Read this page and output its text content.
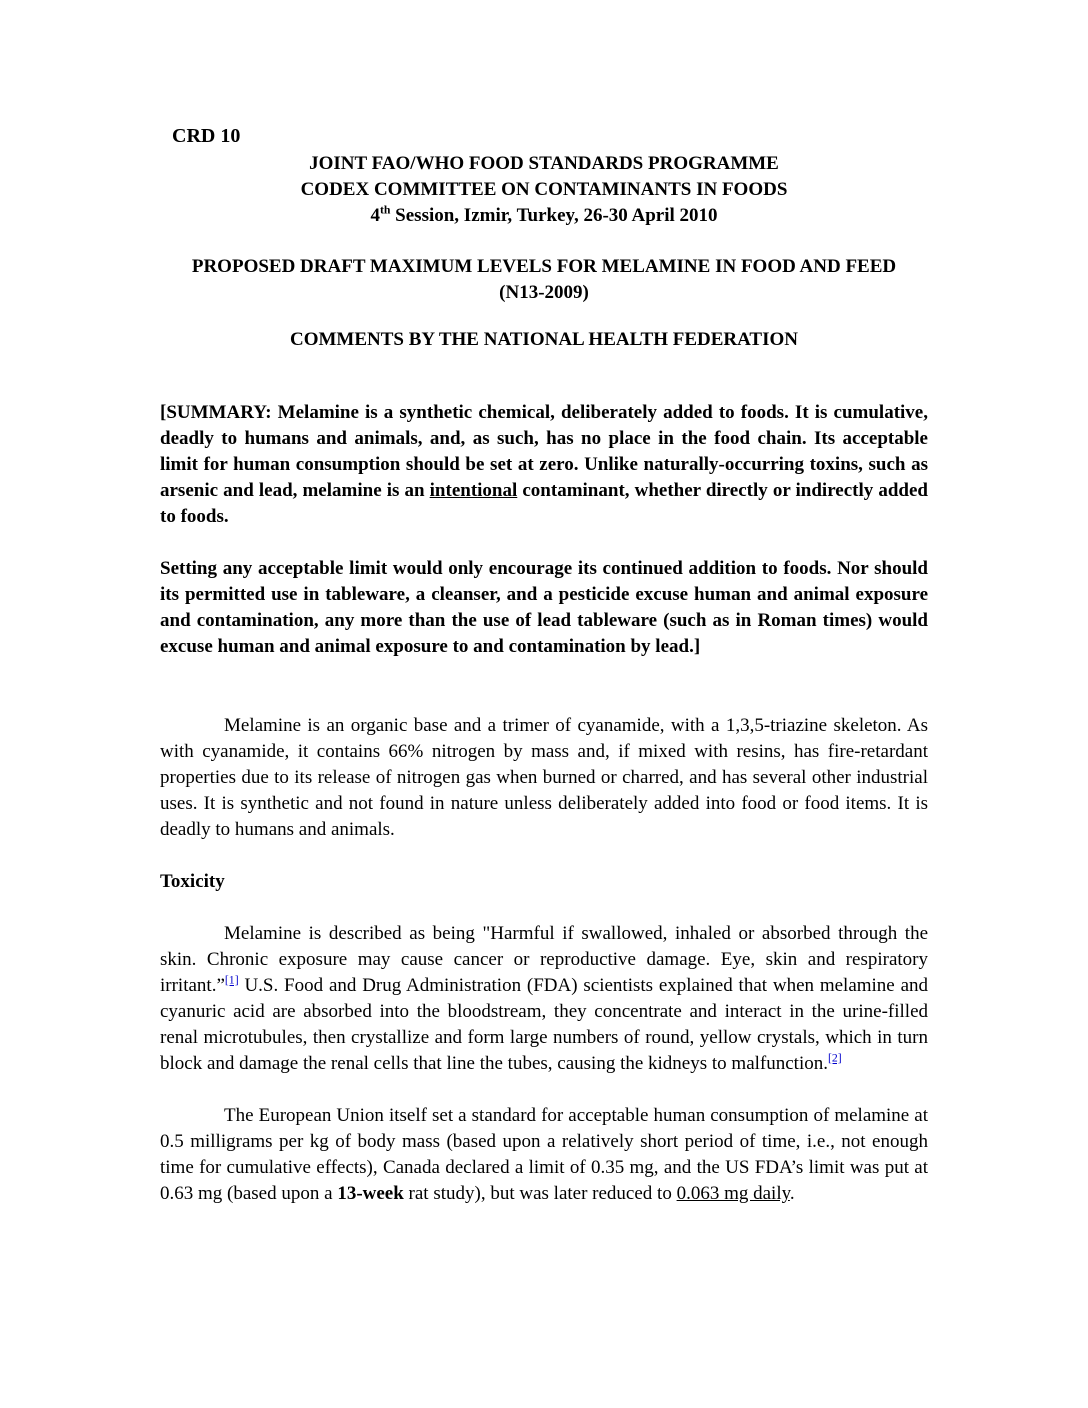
CRD 10

JOINT FAO/WHO FOOD STANDARDS PROGRAMME

CODEX COMMITTEE ON CONTAMINANTS IN FOODS

4th Session, Izmir, Turkey, 26-30 April 2010

PROPOSED DRAFT MAXIMUM LEVELS FOR MELAMINE IN FOOD AND FEED

(N13-2009)

COMMENTS BY THE NATIONAL HEALTH FEDERATION

[SUMMARY: Melamine is a synthetic chemical, deliberately added to foods. It is cumulative, deadly to humans and animals, and, as such, has no place in the food chain. Its acceptable limit for human consumption should be set at zero. Unlike naturally-occurring toxins, such as arsenic and lead, melamine is an intentional contaminant, whether directly or indirectly added to foods.

Setting any acceptable limit would only encourage its continued addition to foods. Nor should its permitted use in tableware, a cleanser, and a pesticide excuse human and animal exposure and contamination, any more than the use of lead tableware (such as in Roman times) would excuse human and animal exposure to and contamination by lead.]

Melamine is an organic base and a trimer of cyanamide, with a 1,3,5-triazine skeleton. As with cyanamide, it contains 66% nitrogen by mass and, if mixed with resins, has fire-retardant properties due to its release of nitrogen gas when burned or charred, and has several other industrial uses. It is synthetic and not found in nature unless deliberately added into food or food items. It is deadly to humans and animals.

Toxicity

Melamine is described as being "Harmful if swallowed, inhaled or absorbed through the skin. Chronic exposure may cause cancer or reproductive damage. Eye, skin and respiratory irritant.”[1] U.S. Food and Drug Administration (FDA) scientists explained that when melamine and cyanuric acid are absorbed into the bloodstream, they concentrate and interact in the urine-filled renal microtubules, then crystallize and form large numbers of round, yellow crystals, which in turn block and damage the renal cells that line the tubes, causing the kidneys to malfunction.[2]

The European Union itself set a standard for acceptable human consumption of melamine at 0.5 milligrams per kg of body mass (based upon a relatively short period of time, i.e., not enough time for cumulative effects), Canada declared a limit of 0.35 mg, and the US FDA’s limit was put at 0.63 mg (based upon a 13-week rat study), but was later reduced to 0.063 mg daily.
